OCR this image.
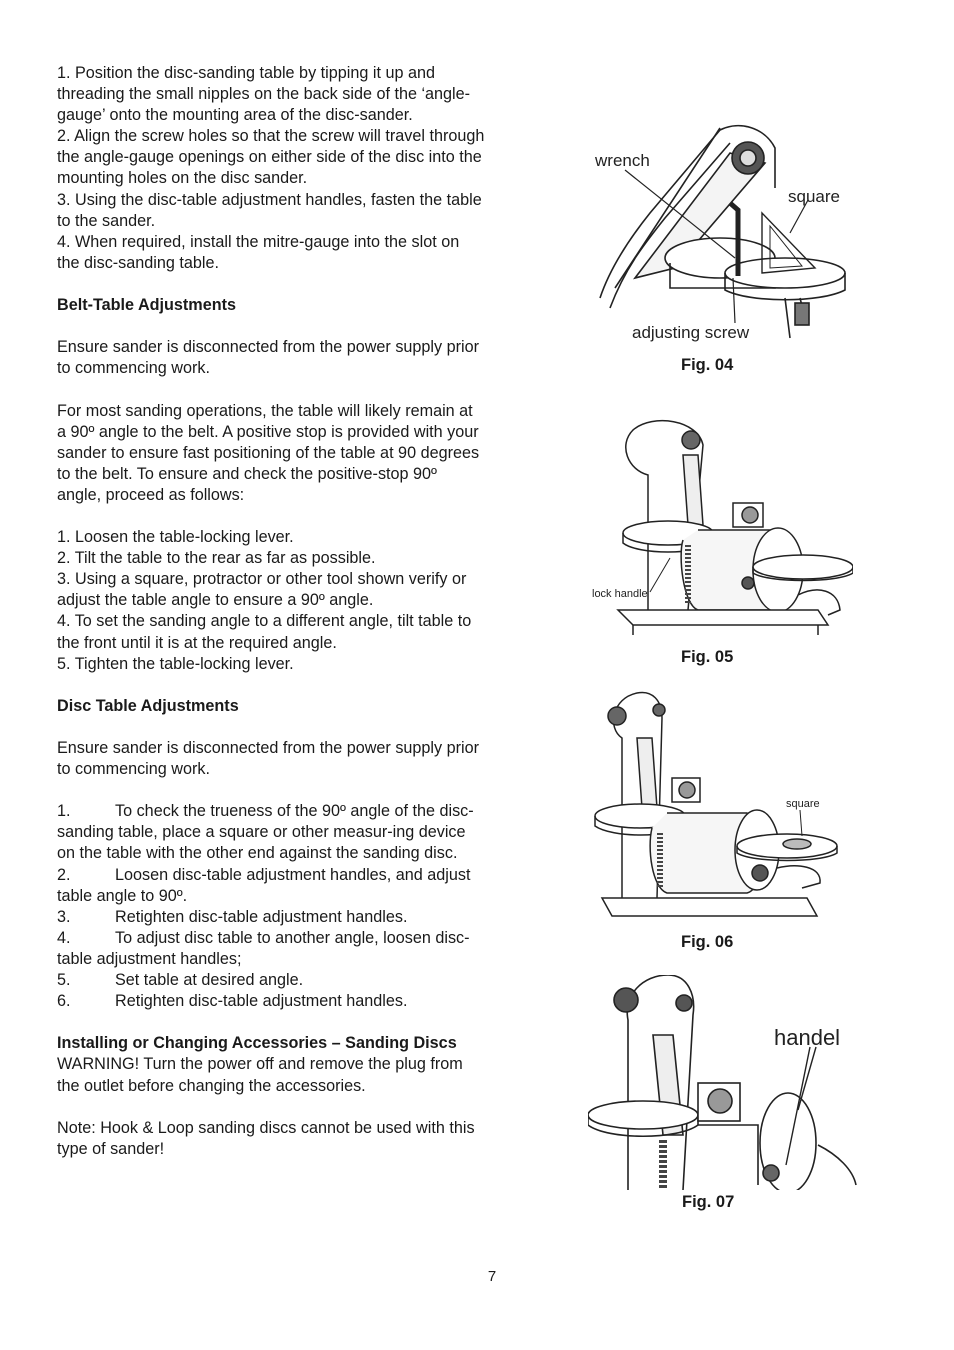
1. Position the disc-sanding table by tipping it up and threading the small nipples on the back side of the ‘angle-gauge’ onto the mounting area of the disc-sander.

2. Align the screw holes so that the screw will travel through the angle-gauge openings on either side of the disc into the mounting holes on the disc sander.

3. Using the disc-table adjustment handles, fasten the table to the sander.

4. When required, install the mitre-gauge into the slot on the disc-sanding table.

Belt-Table Adjustments

Ensure sander is disconnected from the power supply prior to commencing work.

For most sanding operations, the table will likely remain at a 90º angle to the belt. A positive stop is provided with your sander to ensure fast positioning of the table at 90 degrees to the belt. To ensure and check the positive-stop 90º angle, proceed as follows:

1. Loosen the table-locking lever.

2. Tilt the table to the rear as far as possible.

3. Using a square, protractor or other tool shown verify or adjust the table angle to ensure a 90º angle.

4. To set the sanding angle to a different angle, tilt table to the front until it is at the required angle.

5. Tighten the table-locking lever.

Disc Table Adjustments

Ensure sander is disconnected from the power supply prior to commencing work.

1.	To check the trueness of the 90º angle of the disc-sanding table, place a square or other measur-ing device on the table with the other end against the sanding disc.

2.	Loosen disc-table adjustment handles, and adjust table angle to 90º.

3.	Retighten disc-table adjustment handles.

4.	To adjust disc table to another angle, loosen disc-table adjustment handles;

5.	Set table at desired angle.

6.	Retighten disc-table adjustment handles.

Installing or Changing Accessories – Sanding Discs

WARNING! Turn the power off and remove the plug from the outlet before changing the accessories.

Note: Hook & Loop sanding discs cannot be used with this type of sander!

wrench
square
adjusting screw
Fig. 04
lock handle
Fig. 05
square
Fig. 06
handel
Fig. 07
7
